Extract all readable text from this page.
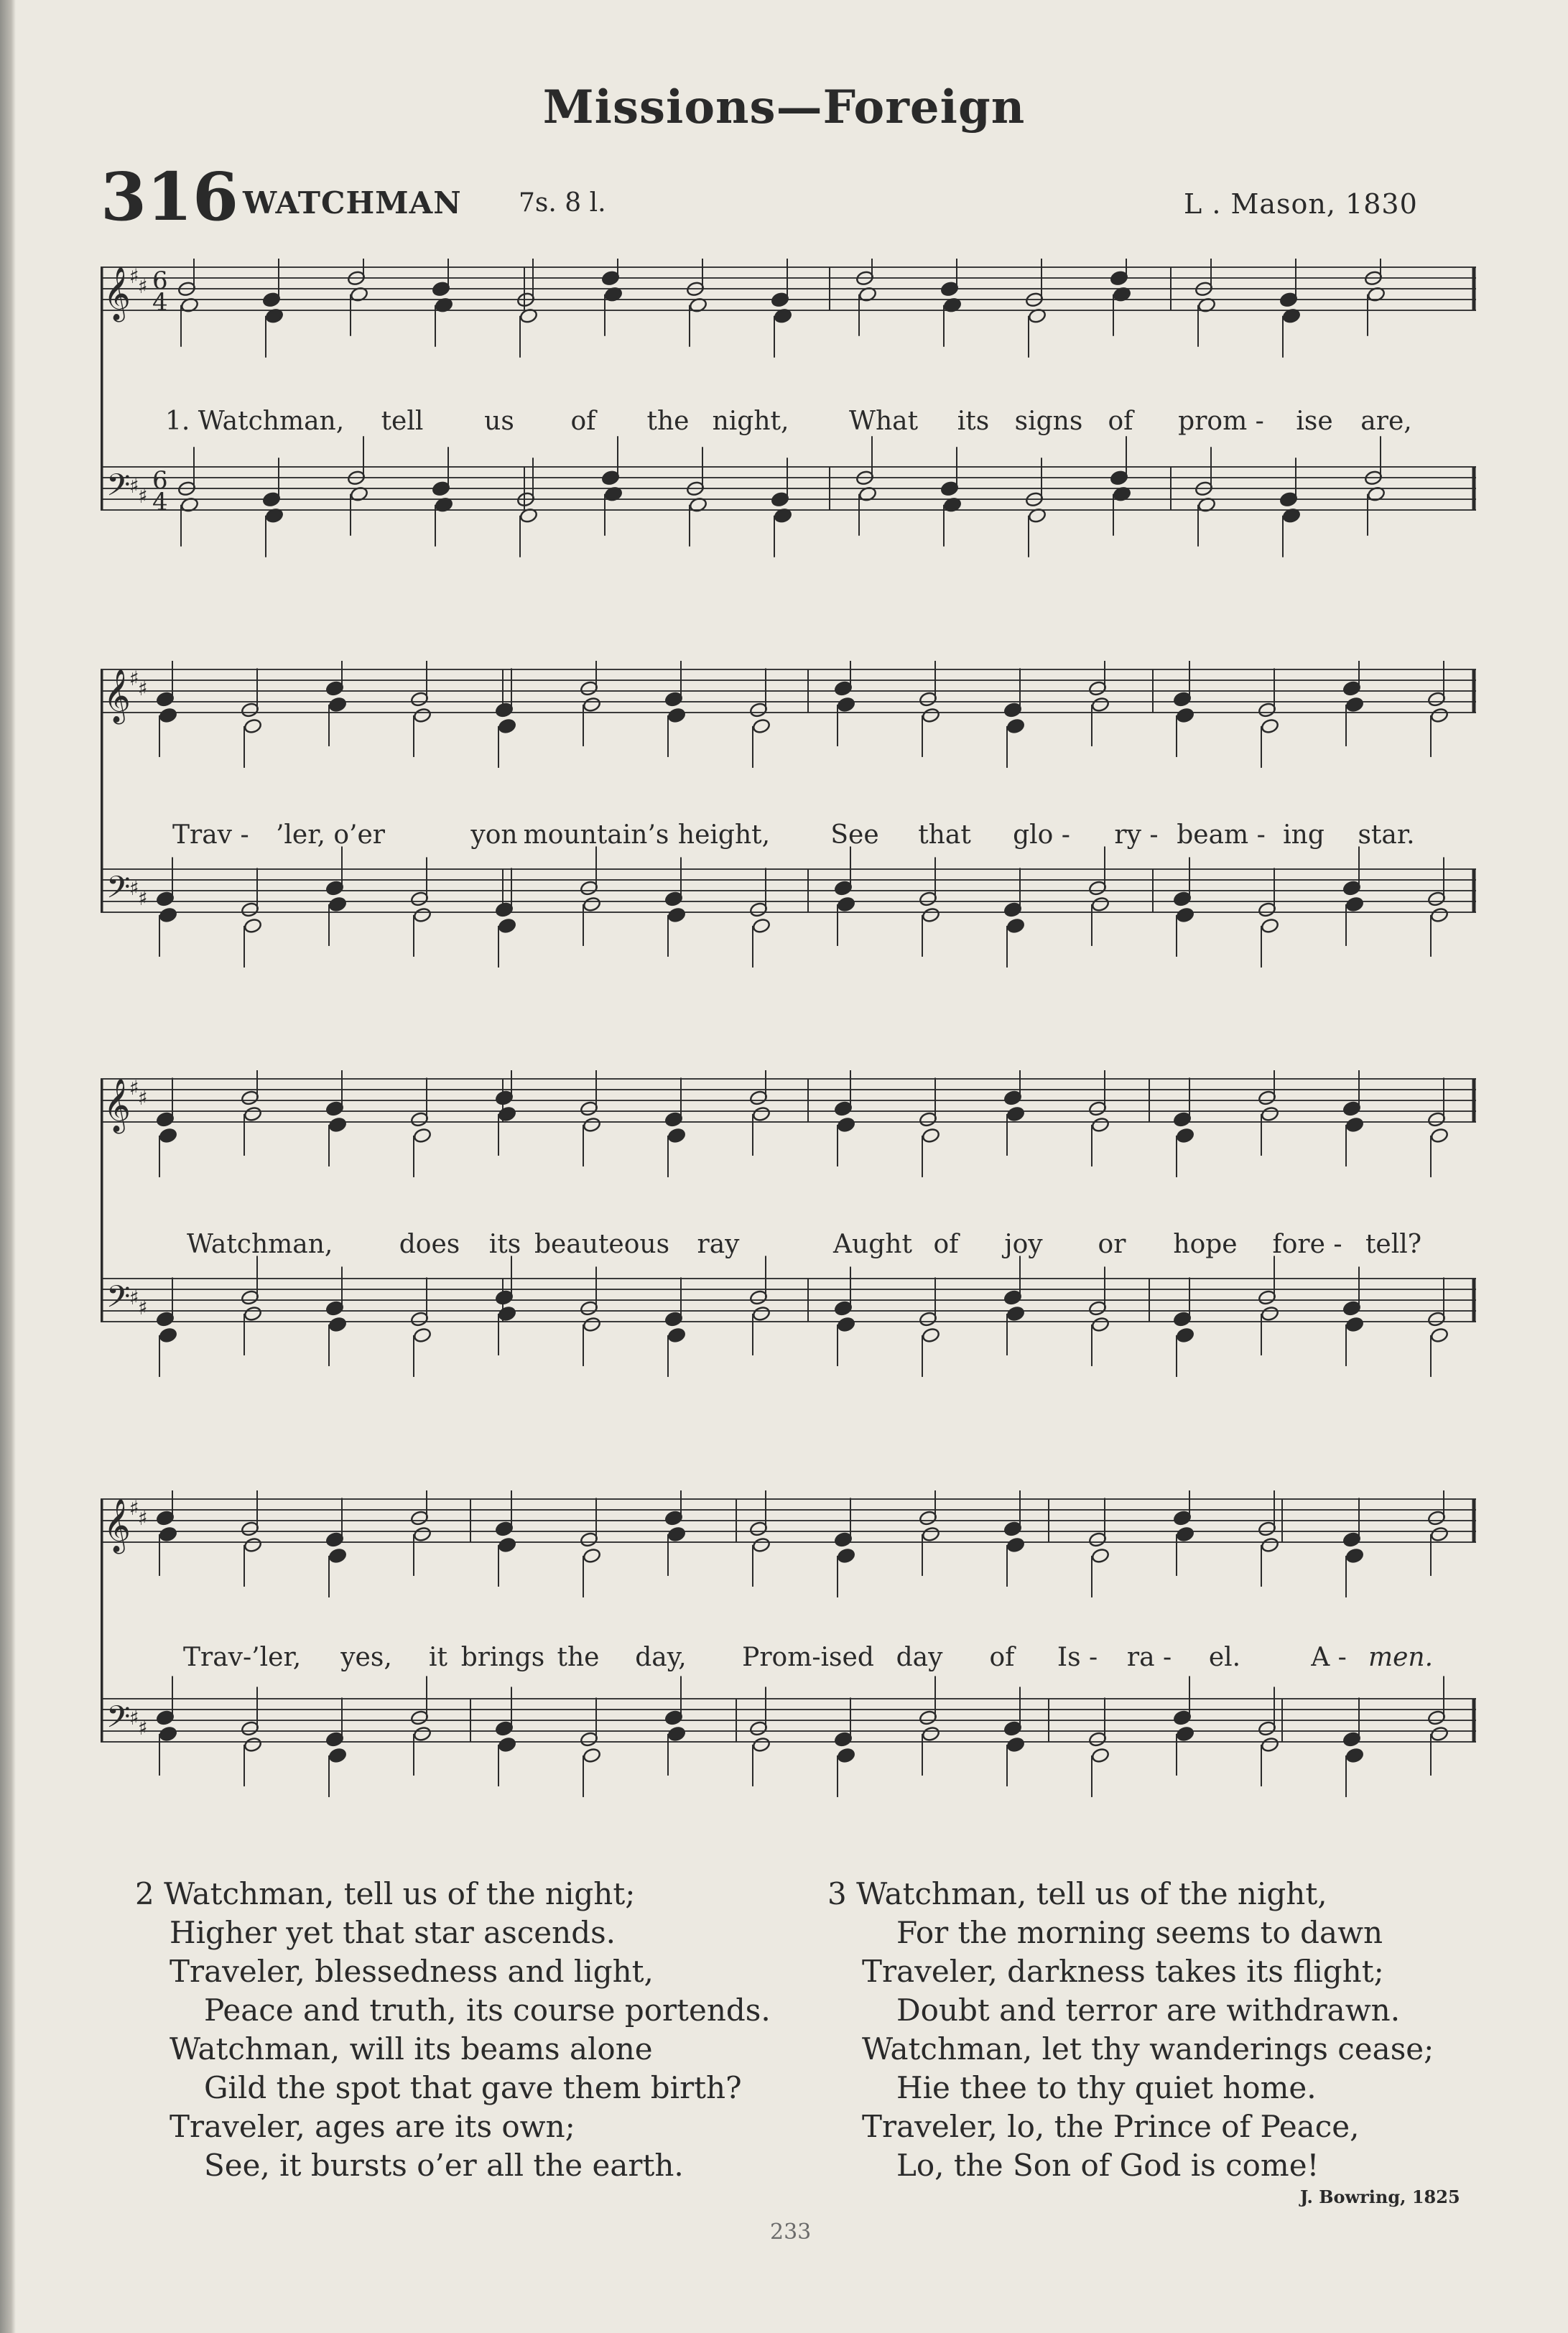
Missions—Foreign
316 WATCHMAN 7s. 8 l.	L . Mason, 1830
𝄞
𝄢
♯
♯
♯
♯
6
4
6
4
1. Watchman, tell us of the night, What its signs of prom - ise are,
𝄞
𝄢
♯
♯
♯
♯
Trav - ’ler, o’er	yon mountain’s height, See that glo - ry - beam - ing star.
𝄞
𝄢
♯
♯
♯
♯
Watchman,	does its beauteous ray	Aught of joy or hope fore - tell?
𝄞
𝄢
♯
♯
♯
♯
Trav-’ler, yes, it brings the day, Prom-ised day of Is - ra - el.	A - men.
2 Watchman, tell us of the night;
Higher yet that star ascends.
Traveler, blessedness and light,
Peace and truth, its course portends.
Watchman, will its beams alone
Gild the spot that gave them birth?
Traveler, ages are its own;
See, it bursts o’er all the earth.
3 Watchman, tell us of the night,
For the morning seems to dawn
Traveler, darkness takes its flight;
Doubt and terror are withdrawn.
Watchman, let thy wanderings cease;
Hie thee to thy quiet home.
Traveler, lo, the Prince of Peace,
Lo, the Son of God is come!
J. Bowring, 1825
233
